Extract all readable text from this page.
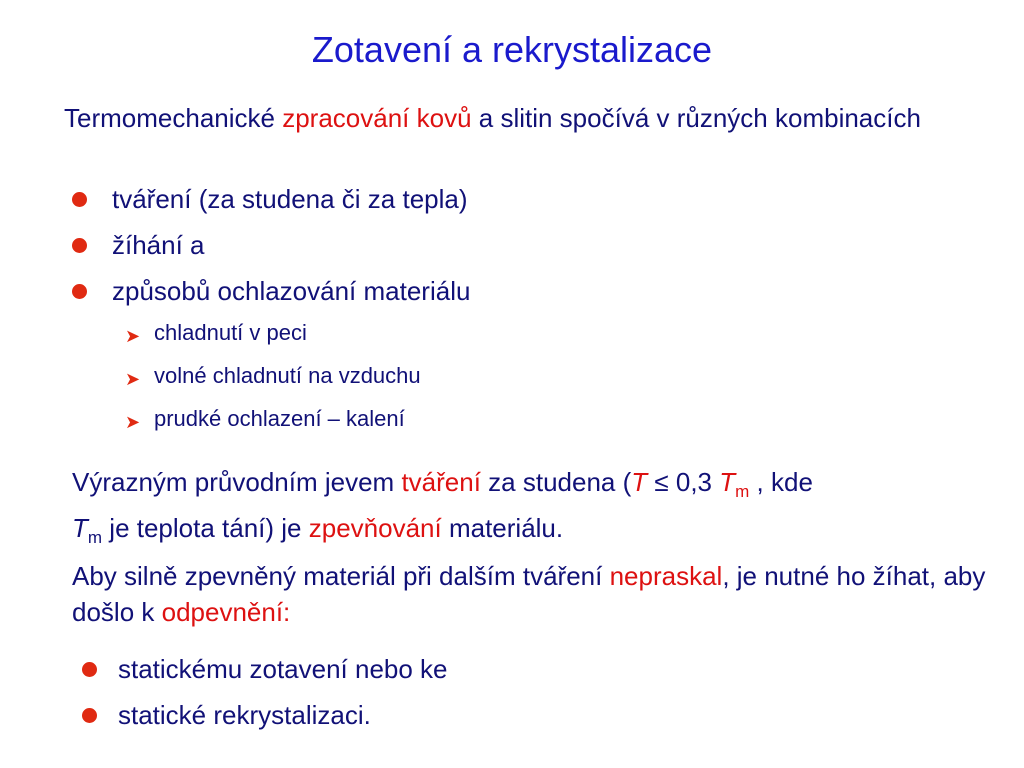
Zotavení a rekrystalizace
Termomechanické zpracování kovů a slitin spočívá v různých kombinacích
tváření (za studena či za tepla)
žíhání a
způsobů ochlazování materiálu
➤ chladnutí v peci
➤ volné chladnutí na vzduchu
➤ prudké ochlazení – kalení
Výrazným průvodním jevem tváření za studena (T ≤ 0,3 $T_m$ , kde
$T_m$ je teplota tání) je zpevňování materiálu.
Aby silně zpevněný materiál při dalším tváření nepraskal, je nutné ho žíhat, aby došlo k odpevnění:
statickému zotavení nebo ke
statické rekrystalizaci.
